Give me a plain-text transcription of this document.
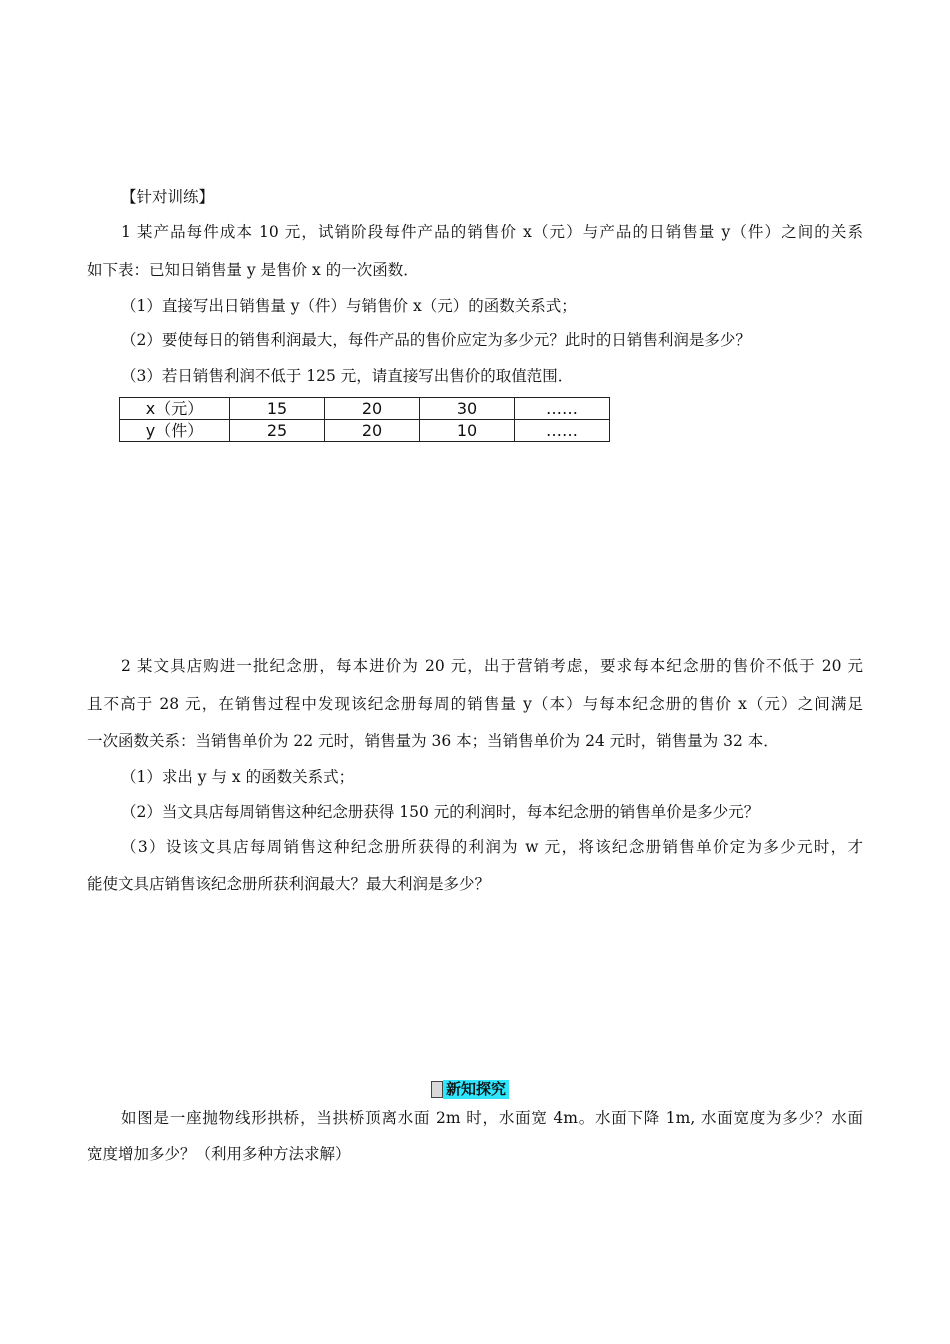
【针对训练】
1 某产品每件成本 10 元，试销阶段每件产品的销售价 x（元）与产品的日销售量 y（件）之间的关系
如下表：已知日销售量 y 是售价 x 的一次函数．
（1）直接写出日销售量 y（件）与销售价 x（元）的函数关系式；
（2）要使每日的销售利润最大，每件产品的售价应定为多少元？此时的日销售利润是多少？
（3）若日销售利润不低于 125 元，请直接写出售价的取值范围．
x（元）	15	20	30	……
y（件）	25	20	10	……
2 某文具店购进一批纪念册，每本进价为 20 元，出于营销考虑，要求每本纪念册的售价不低于 20 元
且不高于 28 元，在销售过程中发现该纪念册每周的销售量 y（本）与每本纪念册的售价 x（元）之间满足
一次函数关系：当销售单价为 22 元时，销售量为 36 本；当销售单价为 24 元时，销售量为 32 本．
（1）求出 y 与 x 的函数关系式；
（2）当文具店每周销售这种纪念册获得 150 元的利润时，每本纪念册的销售单价是多少元？
（3）设该文具店每周销售这种纪念册所获得的利润为 w 元，将该纪念册销售单价定为多少元时，才
能使文具店销售该纪念册所获利润最大？最大利润是多少？
新知探究
如图是一座抛物线形拱桥，当拱桥顶离水面 2m 时，水面宽 4m。水面下降 1m, 水面宽度为多少？水面
宽度增加多少？（利用多种方法求解）
